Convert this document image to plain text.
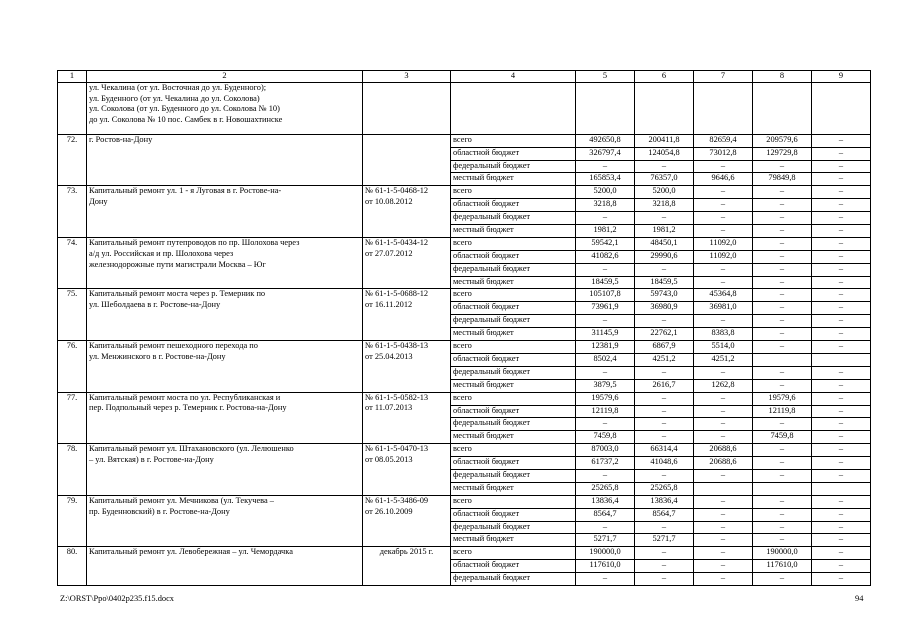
1	2	3	4	5	6	7	8	9

	ул. Чекалина (от ул. Восточная до ул. Буденного);
ул. Буденного (от ул. Чекалина до ул. Соколова)
ул. Соколова (от ул. Буденного до ул. Соколова № 10)
до ул. Соколова № 10 пос. Самбек в г. Новошахтинске							

72.	г. Ростов-на-Дону		всего	492650,8	200411,8	82659,4	209579,6	–
			областной бюджет	326797,4	124054,8	73012,8	129729,8	–
			федеральный бюджет	–	–	–	–	–
			местный бюджет	165853,4	76357,0	9646,6	79849,8	–
73.	Капитальный ремонт ул. 1 - я Луговая в г. Ростове-на-
Дону	№ 61-1-5-0468-12
от 10.08.2012	всего	5200,0	5200,0	–	–	–
			областной бюджет	3218,8	3218,8	–	–	–
			федеральный бюджет	–	–	–	–	–
			местный бюджет	1981,2	1981,2	–	–	–
74.	Капитальный ремонт путепроводов по пр. Шолохова через
а/д ул. Российская и пр. Шолохова через
железнодорожные пути магистрали Москва – Юг	№ 61-1-5-0434-12
от 27.07.2012	всего	59542,1	48450,1	11092,0	–	–
			областной бюджет	41082,6	29990,6	11092,0	–	–
			федеральный бюджет	–	–	–	–	–
			местный бюджет	18459,5	18459,5	–	–	–
75.	Капитальный ремонт моста через р. Темерник по
ул. Шеболдаева в г. Ростове-на-Дону	№ 61-1-5-0688-12
от 16.11.2012	всего	105107,8	59743,0	45364,8	–	–
			областной бюджет	73961,9	36980,9	36981,0	–	–
			федеральный бюджет	–	–	–	–	–
			местный бюджет	31145,9	22762,1	8383,8	–	–
76.	Капитальный ремонт пешеходного перехода по
ул. Менжинского в г. Ростове-на-Дону	№ 61-1-5-0438-13
от 25.04.2013	всего	12381,9	6867,9	5514,0	–	–
			областной бюджет	8502,4	4251,2	4251,2		
			федеральный бюджет	–	–	–	–	–
			местный бюджет	3879,5	2616,7	1262,8	–	–
77.	Капитальный ремонт моста по ул. Республиканская и
пер. Подпольный через р. Темерник г. Ростова-на-Дону	№ 61-1-5-0582-13
от 11.07.2013	всего	19579,6	–	–	19579,6	–
			областной бюджет	12119,8	–	–	12119,8	–
			федеральный бюджет	–	–	–	–	–
			местный бюджет	7459,8	–	–	7459,8	–
78.	Капитальный ремонт ул. Штахановского (ул. Лелюшенко
– ул. Вятская) в г. Ростове-на-Дону	№ 61-1-5-0470-13
от 08.05.2013	всего	87003,0	66314,4	20688,6	–	–
			областной бюджет	61737,2	41048,6	20688,6	–	–
			федеральный бюджет	–	–	–	–	–
			местный бюджет	25265,8	25265,8			
79.	Капитальный ремонт ул. Мечникова (ул. Текучева –
пр. Буденновский) в г. Ростове-на-Дону	№ 61-1-5-3486-09
от 26.10.2009	всего	13836,4	13836,4	–	–	–
			областной бюджет	8564,7	8564,7	–	–	–
			федеральный бюджет	–	–	–	–	–
			местный бюджет	5271,7	5271,7	–	–	–
80.	Капитальный ремонт ул. Левобережная – ул. Чемордачка	декабрь 2015 г.	всего	190000,0	–	–	190000,0	–
			областной бюджет	117610,0	–	–	117610,0	–
			федеральный бюджет	–	–	–	–	–
Z:\ORST\Ppo\0402p235.f15.docx	94
